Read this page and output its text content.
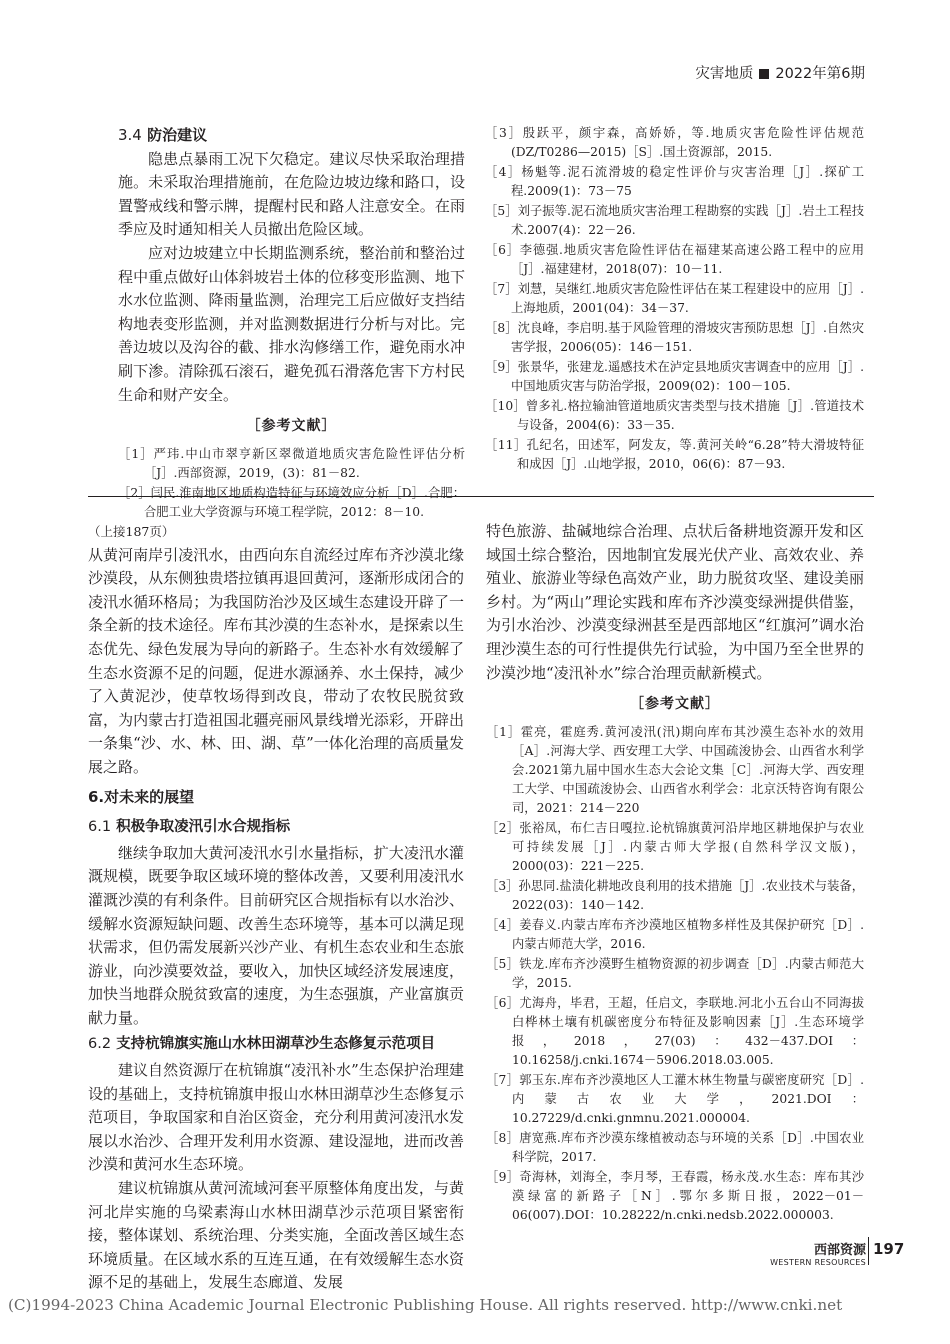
灾害地质 2022年第6期
3.4 防治建议

隐患点暴雨工况下欠稳定。建议尽快采取治理措施。未采取治理措施前，在危险边坡边缘和路口，设置警戒线和警示牌，提醒村民和路人注意安全。在雨季应及时通知相关人员撤出危险区域。

应对边坡建立中长期监测系统，整治前和整治过程中重点做好山体斜坡岩土体的位移变形监测、地下水水位监测、降雨量监测，治理完工后应做好支挡结构地表变形监测，并对监测数据进行分析与对比。完善边坡以及沟谷的截、排水沟修缮工作，避免雨水冲刷下渗。清除孤石滚石，避免孤石滑落危害下方村民生命和财产安全。

［参考文献］
［1］严玮.中山市翠亨新区翠微道地质灾害危险性评估分析［J］.西部资源，2019，(3)：81－82.
［2］闫民.淮南地区地质构造特征与环境效应分析［D］.合肥：合肥工业大学资源与环境工程学院，2012：8－10.
［3］殷跃平，颜宇森，高娇娇，等.地质灾害危险性评估规范(DZ/T0286—2015)［S］.国土资源部，2015.
［4］杨魁等.泥石流滑坡的稳定性评价与灾害治理［J］.探矿工程.2009(1)：73－75
［5］刘子振等.泥石流地质灾害治理工程勘察的实践［J］.岩土工程技术.2007(4)：22－26.
［6］李德强.地质灾害危险性评估在福建某高速公路工程中的应用［J］.福建建材，2018(07)：10－11.
［7］刘慧，吴继红.地质灾害危险性评估在某工程建设中的应用［J］.上海地质，2001(04)：34－37.
［8］沈良峰，李启明.基于风险管理的滑坡灾害预防思想［J］.自然灾害学报，2006(05)：146－151.
［9］张景华，张建龙.遥感技术在泸定县地质灾害调查中的应用［J］.中国地质灾害与防治学报，2009(02)：100－105.
［10］曾多礼.格拉输油管道地质灾害类型与技术措施［J］.管道技术与设备，2004(6)：33－35.
［11］孔纪名，田述军，阿发友，等.黄河关岭“6.28”特大滑坡特征和成因［J］.山地学报，2010，06(6)：87－93.
（上接187页）

从黄河南岸引凌汛水，由西向东自流经过库布齐沙漠北缘沙漠段，从东侧独贵塔拉镇再退回黄河，逐渐形成闭合的凌汛水循环格局；为我国防治沙及区域生态建设开辟了一条全新的技术途径。库布其沙漠的生态补水，是探索以生态优先、绿色发展为导向的新路子。生态补水有效缓解了生态水资源不足的问题，促进水源涵养、水土保持，减少了入黄泥沙，使草牧场得到改良，带动了农牧民脱贫致富，为内蒙古打造祖国北疆亮丽风景线增光添彩，开辟出一条集“沙、水、林、田、湖、草”一体化治理的高质量发展之路。

6.对未来的展望
6.1 积极争取凌汛引水合规指标

继续争取加大黄河凌汛水引水量指标，扩大凌汛水灌溉规模，既要争取区域环境的整体改善，又要利用凌汛水灌溉沙漠的有利条件。目前研究区合规指标有以水治沙、缓解水资源短缺问题、改善生态环境等，基本可以满足现状需求，但仍需发展新兴沙产业、有机生态农业和生态旅游业，向沙漠要效益，要收入，加快区域经济发展速度，加快当地群众脱贫致富的速度，为生态强旗，产业富旗贡献力量。

6.2 支持杭锦旗实施山水林田湖草沙生态修复示范项目

建议自然资源厅在杭锦旗“凌汛补水”生态保护治理建设的基础上，支持杭锦旗申报山水林田湖草沙生态修复示范项目，争取国家和自治区资金，充分利用黄河凌汛水发展以水治沙、合理开发利用水资源、建设湿地，进而改善沙漠和黄河水生态环境。

建议杭锦旗从黄河流域河套平原整体角度出发，与黄河北岸实施的乌梁素海山水林田湖草沙示范项目紧密衔接，整体谋划、系统治理、分类实施，全面改善区域生态环境质量。在区域水系的互连互通，在有效缓解生态水资源不足的基础上，发展生态廊道、发展

特色旅游、盐碱地综合治理、点状后备耕地资源开发和区域国土综合整治，因地制宜发展光伏产业、高效农业、养殖业、旅游业等绿色高效产业，助力脱贫攻坚、建设美丽乡村。为“两山”理论实践和库布齐沙漠变绿洲提供借鉴，为引水治沙、沙漠变绿洲甚至是西部地区“红旗河”调水治理沙漠生态的可行性提供先行试验，为中国乃至全世界的沙漠沙地“凌汛补水”综合治理贡献新模式。

［参考文献］
［1］霍亮，霍庭秀.黄河凌汛(汛)期向库布其沙漠生态补水的效用［A］.河海大学、西安理工大学、中国疏浚协会、山西省水利学会.2021第九届中国水生态大会论文集［C］.河海大学、西安理工大学、中国疏浚协会、山西省水利学会：北京沃特咨询有限公司，2021：214－220
［2］张裕凤，布仁吉日嘎拉.论杭锦旗黄河沿岸地区耕地保护与农业可持续发展［J］.内蒙古师大学报(自然科学汉文版)，2000(03)：221－225.
［3］孙思同.盐渍化耕地改良利用的技术措施［J］.农业技术与装备，2022(03)：140－142.
［4］姜春义.内蒙古库布齐沙漠地区植物多样性及其保护研究［D］.内蒙古师范大学，2016.
［5］铁龙.库布齐沙漠野生植物资源的初步调查［D］.内蒙古师范大学，2015.
［6］尤海舟，毕君，王超，任启文，李联地.河北小五台山不同海拔白桦林土壤有机碳密度分布特征及影响因素［J］.生态环境学报，2018，27(03)：432－437.DOI：10.16258/j.cnki.1674－5906.2018.03.005.
［7］郭玉东.库布齐沙漠地区人工灌木林生物量与碳密度研究［D］.内蒙古农业大学，2021.DOI：10.27229/d.cnki.gnmnu.2021.000004.
［8］唐宽燕.库布齐沙漠东缘植被动态与环境的关系［D］.中国农业科学院，2017.
［9］奇海林，刘海全，李月琴，王春霞，杨永茂.水生态：库布其沙漠绿富的新路子［N］.鄂尔多斯日报，2022－01－06(007).DOI：10.28222/n.cnki.nedsb.2022.000003.
西部资源
WESTERN RESOURCES
197
(C)1994-2023 China Academic Journal Electronic Publishing House. All rights reserved. http://www.cnki.net
